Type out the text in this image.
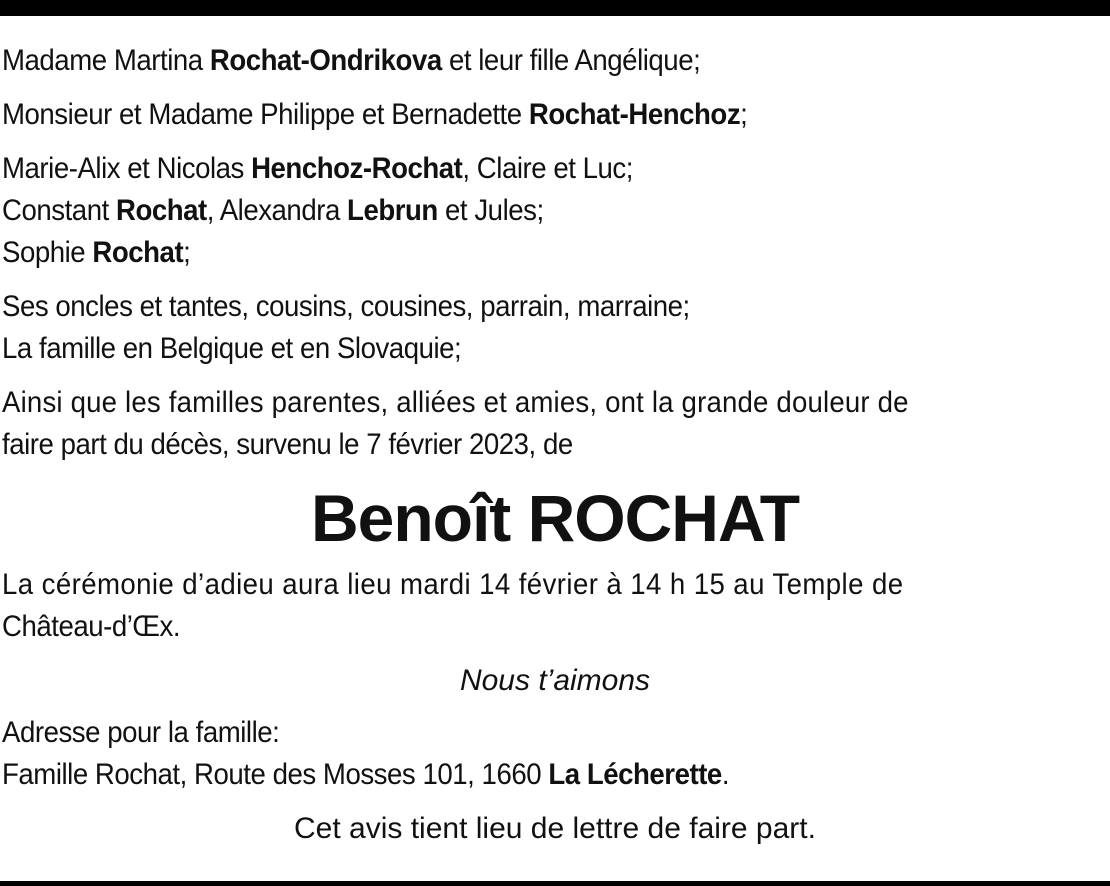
Madame Martina Rochat-Ondrikova et leur fille Angélique;
Monsieur et Madame Philippe et Bernadette Rochat-Henchoz;
Marie-Alix et Nicolas Henchoz-Rochat, Claire et Luc;
Constant Rochat, Alexandra Lebrun et Jules;
Sophie Rochat;
Ses oncles et tantes, cousins, cousines, parrain, marraine;
La famille en Belgique et en Slovaquie;
Ainsi que les familles parentes, alliées et amies, ont la grande douleur de
faire part du décès, survenu le 7 février 2023, de
Benoît ROCHAT
La cérémonie d’adieu aura lieu mardi 14 février à 14 h 15 au Temple de
Château-d’Œx.
Nous t’aimons
Adresse pour la famille:
Famille Rochat, Route des Mosses 101, 1660 La Lécherette.
Cet avis tient lieu de lettre de faire part.
